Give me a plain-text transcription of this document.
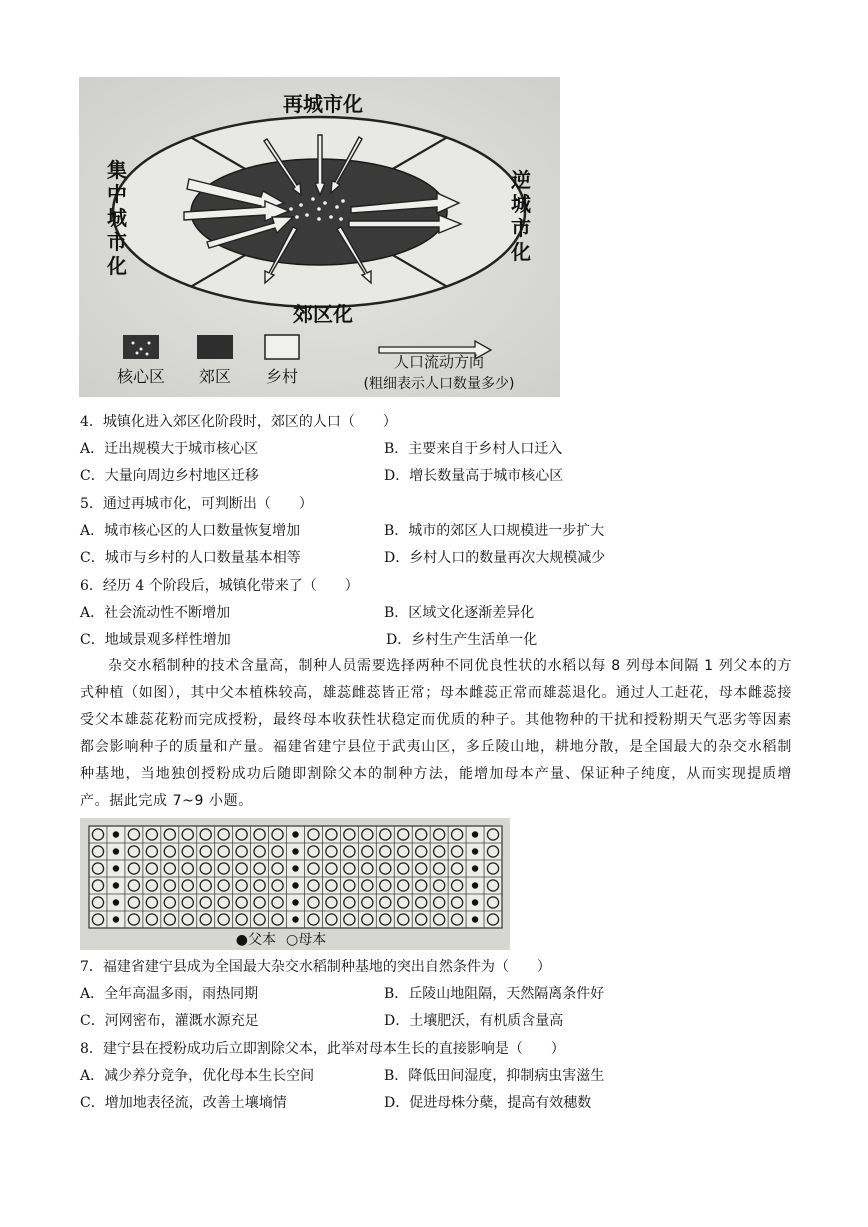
再城市化
郊区化
集
中
城
市
化
逆
城
市
化
核心区 郊区 乡村
人口流动方向
(粗细表示人口数量多少)
4．城镇化进入郊区化阶段时，郊区的人口（　　）
A．迁出规模大于城市核心区	B．主要来自于乡村人口迁入
C．大量向周边乡村地区迁移	D．增长数量高于城市核心区
5．通过再城市化，可判断出（　　）
A．城市核心区的人口数量恢复增加	B．城市的郊区人口规模进一步扩大
C．城市与乡村的人口数量基本相等	D．乡村人口的数量再次大规模减少
6．经历 4 个阶段后，城镇化带来了（　　）
A．社会流动性不断增加	B．区域文化逐渐差异化
C．地域景观多样性增加	D．乡村生产生活单一化

杂交水稻制种的技术含量高，制种人员需要选择两种不同优良性状的水稻以每 8 列母本间隔 1 列父本的方式种植（如图），其中父本植株较高，雄蕊雌蕊皆正常；母本雌蕊正常而雄蕊退化。通过人工赶花，母本雌蕊接受父本雄蕊花粉而完成授粉，最终母本收获性状稳定而优质的种子。其他物种的干扰和授粉期天气恶劣等因素都会影响种子的质量和产量。福建省建宁县位于武夷山区，多丘陵山地，耕地分散，是全国最大的杂交水稻制种基地，当地独创授粉成功后随即割除父本的制种方法，能增加母本产量、保证种子纯度，从而实现提质增产。据此完成 7~9 小题。

●父本 ○母本
7．福建省建宁县成为全国最大杂交水稻制种基地的突出自然条件为（　　）
A．全年高温多雨，雨热同期	B．丘陵山地阻隔，天然隔离条件好
C．河网密布，灌溉水源充足	D．土壤肥沃，有机质含量高
8．建宁县在授粉成功后立即割除父本，此举对母本生长的直接影响是（　　）
A．减少养分竞争，优化母本生长空间	B．降低田间湿度，抑制病虫害滋生
C．增加地表径流，改善土壤墒情	D．促进母株分蘖，提高有效穗数
